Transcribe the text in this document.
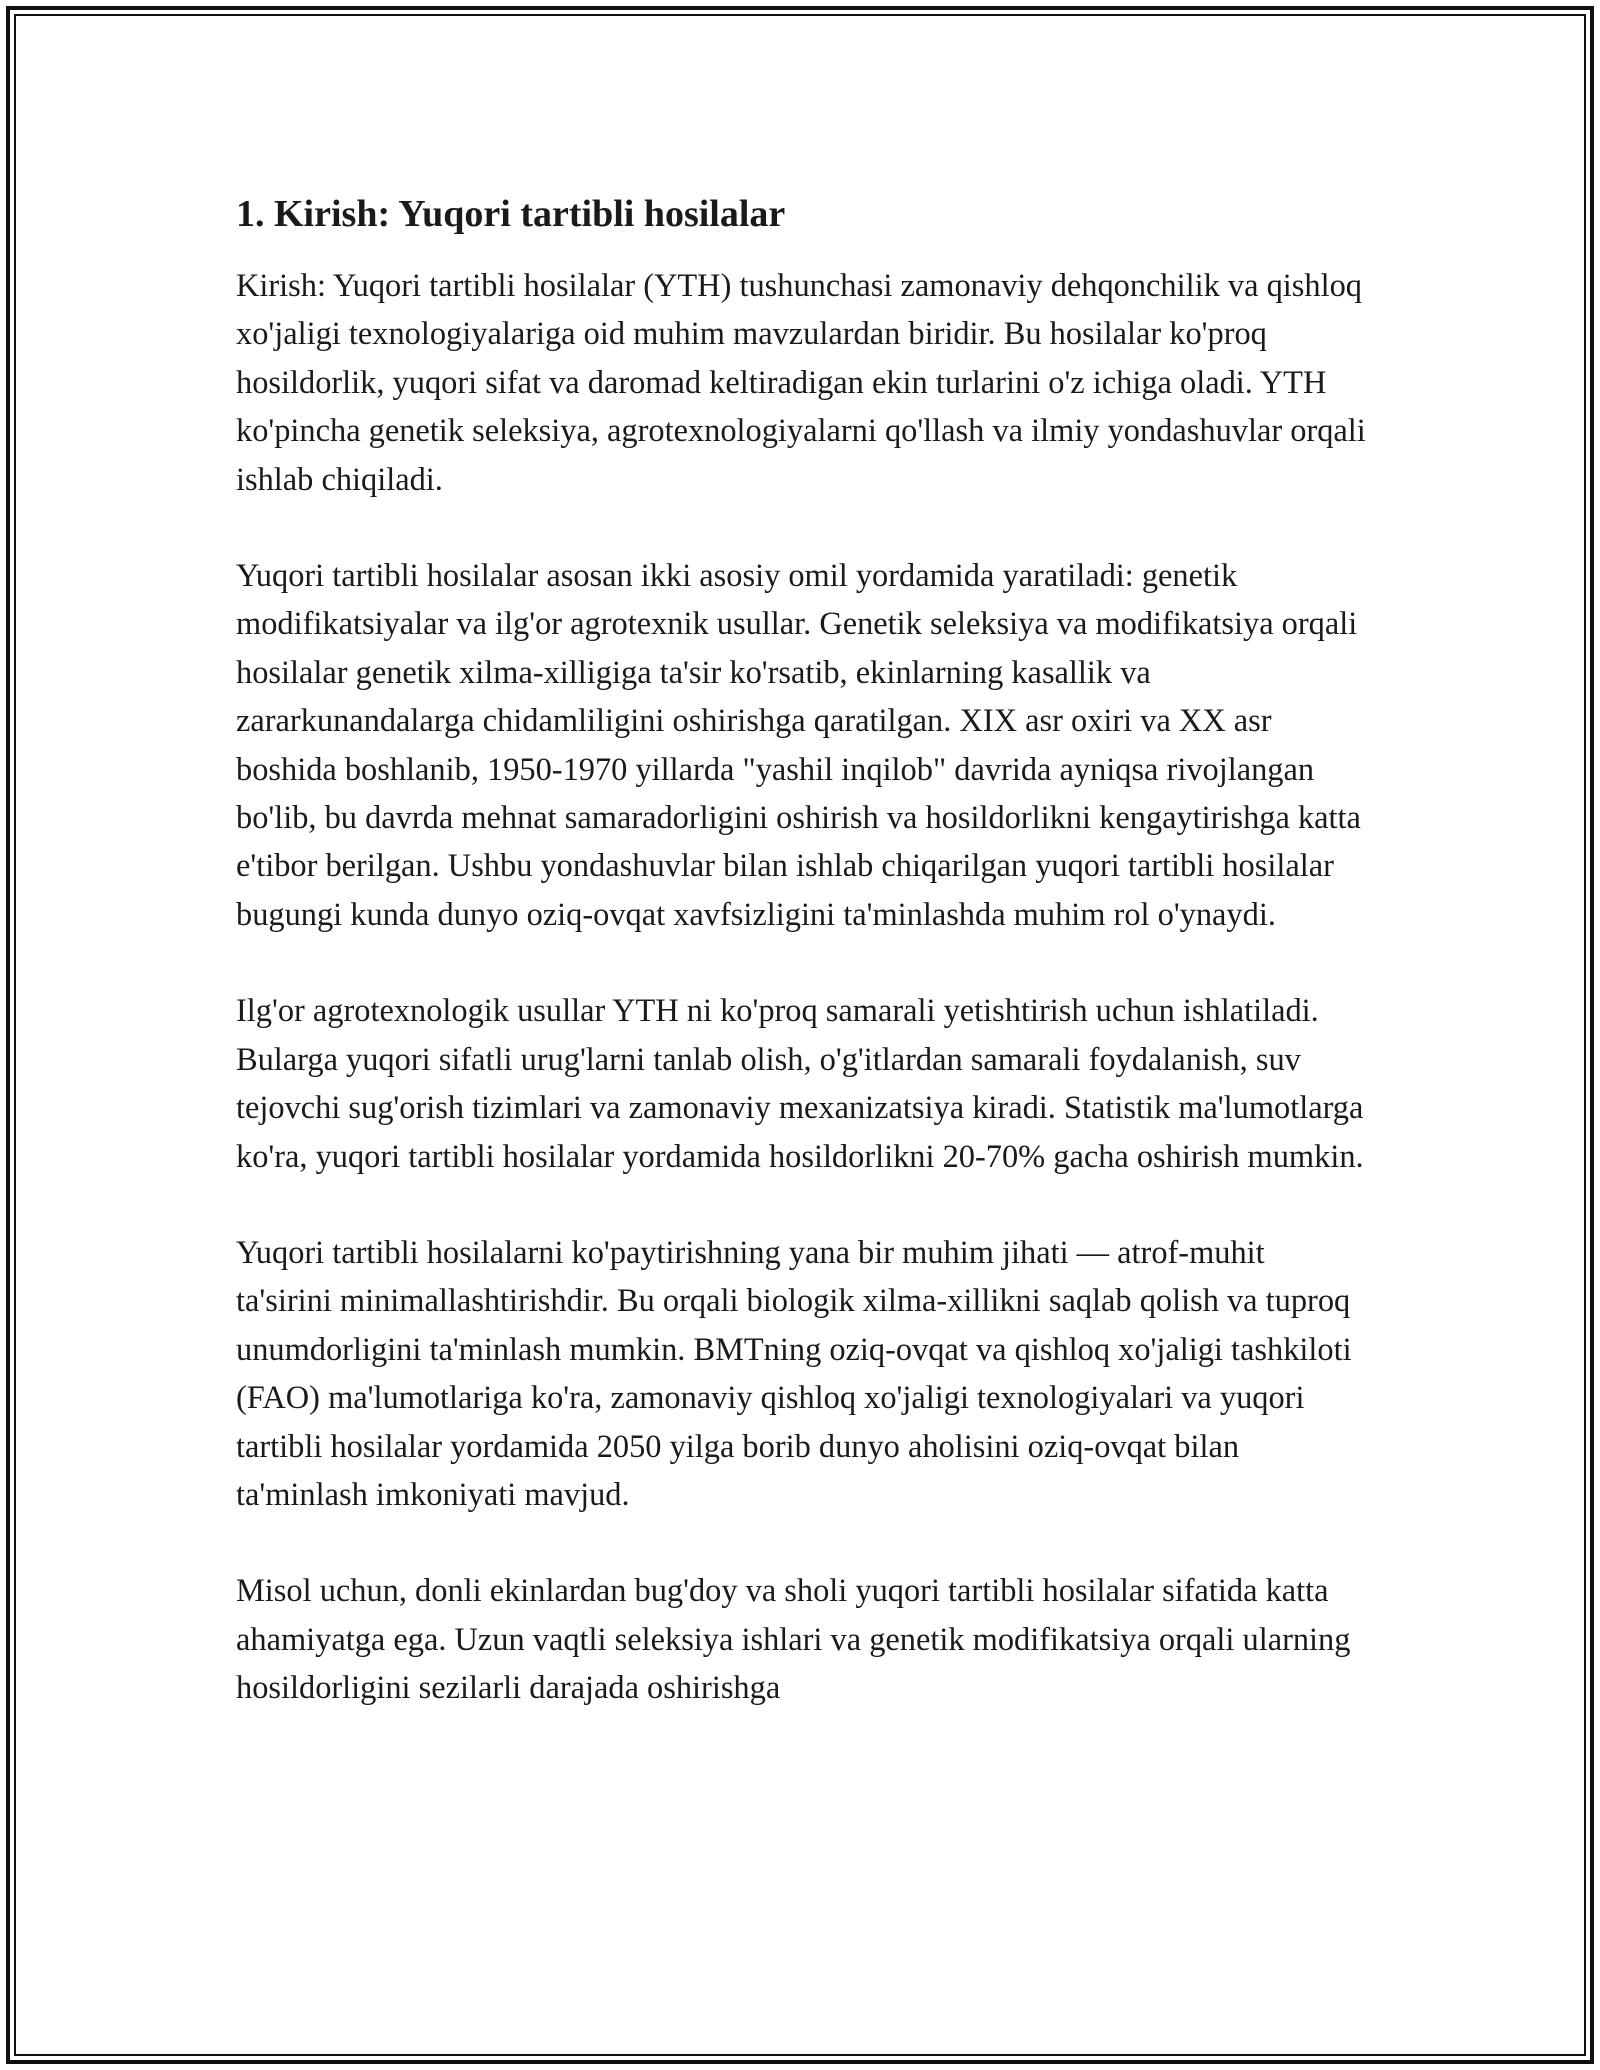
1. Kirish: Yuqori tartibli hosilalar

Kirish: Yuqori tartibli hosilalar (YTH) tushunchasi zamonaviy dehqonchilik va qishloq xo'jaligi texnologiyalariga oid muhim mavzulardan biridir. Bu hosilalar ko'proq hosildorlik, yuqori sifat va daromad keltiradigan ekin turlarini o'z ichiga oladi. YTH ko'pincha genetik seleksiya, agrotexnologiyalarni qo'llash va ilmiy yondashuvlar orqali ishlab chiqiladi.

Yuqori tartibli hosilalar asosan ikki asosiy omil yordamida yaratiladi: genetik modifikatsiyalar va ilg'or agrotexnik usullar. Genetik seleksiya va modifikatsiya orqali hosilalar genetik xilma-xilligiga ta'sir ko'rsatib, ekinlarning kasallik va zararkunandalarga chidamliligini oshirishga qaratilgan. XIX asr oxiri va XX asr boshida boshlanib, 1950-1970 yillarda "yashil inqilob" davrida ayniqsa rivojlangan bo'lib, bu davrda mehnat samaradorligini oshirish va hosildorlikni kengaytirishga katta e'tibor berilgan. Ushbu yondashuvlar bilan ishlab chiqarilgan yuqori tartibli hosilalar bugungi kunda dunyo oziq-ovqat xavfsizligini ta'minlashda muhim rol o'ynaydi.

Ilg'or agrotexnologik usullar YTH ni ko'proq samarali yetishtirish uchun ishlatiladi. Bularga yuqori sifatli urug'larni tanlab olish, o'g'itlardan samarali foydalanish, suv tejovchi sug'orish tizimlari va zamonaviy mexanizatsiya kiradi. Statistik ma'lumotlarga ko'ra, yuqori tartibli hosilalar yordamida hosildorlikni 20-70% gacha oshirish mumkin.

Yuqori tartibli hosilalarni ko'paytirishning yana bir muhim jihati — atrof-muhit ta'sirini minimallashtirishdir. Bu orqali biologik xilma-xillikni saqlab qolish va tuproq unumdorligini ta'minlash mumkin. BMTning oziq-ovqat va qishloq xo'jaligi tashkiloti (FAO) ma'lumotlariga ko'ra, zamonaviy qishloq xo'jaligi texnologiyalari va yuqori tartibli hosilalar yordamida 2050 yilga borib dunyo aholisini oziq-ovqat bilan ta'minlash imkoniyati mavjud.

Misol uchun, donli ekinlardan bug'doy va sholi yuqori tartibli hosilalar sifatida katta ahamiyatga ega. Uzun vaqtli seleksiya ishlari va genetik modifikatsiya orqali ularning hosildorligini sezilarli darajada oshirishga
